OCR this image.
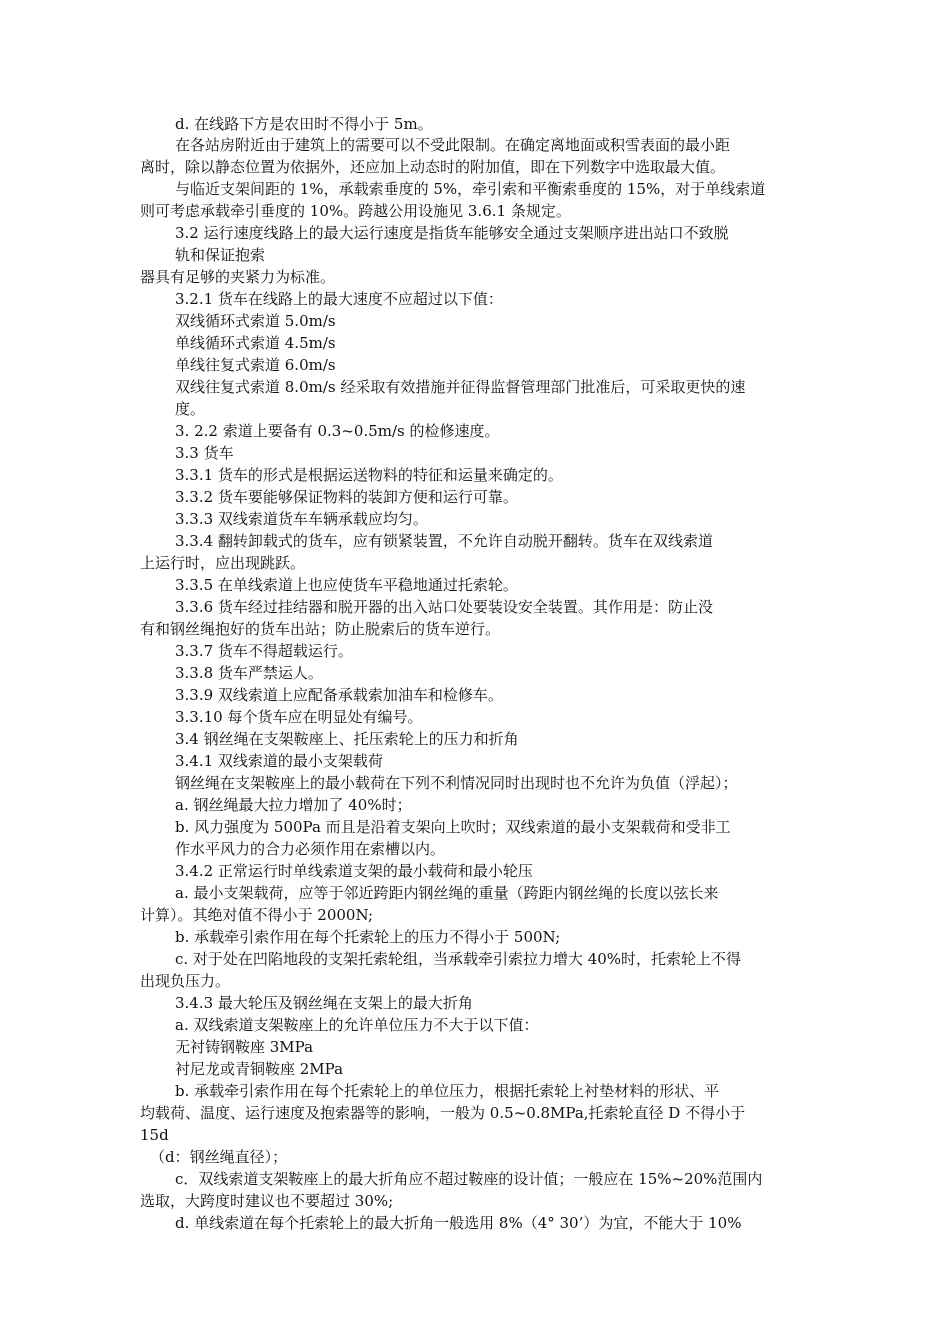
d. 在线路下方是农田时不得小于 5m。
在各站房附近由于建筑上的需要可以不受此限制。在确定离地面或积雪表面的最小距
离时，除以静态位置为依据外，还应加上动态时的附加值，即在下列数字中选取最大值。
与临近支架间距的 1%，承载索垂度的 5%，牵引索和平衡索垂度的 15%，对于单线索道
则可考虑承载牵引垂度的 10%。跨越公用设施见 3.6.1 条规定。
3.2 运行速度线路上的最大运行速度是指货车能够安全通过支架顺序进出站口不致脱
轨和保证抱索
器具有足够的夹紧力为标准。
3.2.1 货车在线路上的最大速度不应超过以下值：
双线循环式索道 5.0m/s
单线循环式索道 4.5m/s
单线往复式索道 6.0m/s
双线往复式索道 8.0m/s 经采取有效措施并征得监督管理部门批准后，可采取更快的速
度。
3. 2.2 索道上要备有 0.3~0.5m/s 的检修速度。
3.3 货车
3.3.1 货车的形式是根据运送物料的特征和运量来确定的。
3.3.2 货车要能够保证物料的装卸方便和运行可靠。
3.3.3 双线索道货车车辆承载应均匀。
3.3.4 翻转卸载式的货车，应有锁紧装置，不允许自动脱开翻转。货车在双线索道
上运行时，应出现跳跃。
3.3.5 在单线索道上也应使货车平稳地通过托索轮。
3.3.6 货车经过挂结器和脱开器的出入站口处要装设安全装置。其作用是：防止没
有和钢丝绳抱好的货车出站；防止脱索后的货车逆行。
3.3.7 货车不得超载运行。
3.3.8 货车严禁运人。
3.3.9 双线索道上应配备承载索加油车和检修车。
3.3.10 每个货车应在明显处有编号。
3.4 钢丝绳在支架鞍座上、托压索轮上的压力和折角
3.4.1 双线索道的最小支架载荷
钢丝绳在支架鞍座上的最小载荷在下列不利情况同时出现时也不允许为负值（浮起）；
a. 钢丝绳最大拉力增加了 40%时；
b. 风力强度为 500Pa 而且是沿着支架向上吹时；双线索道的最小支架载荷和受非工
作水平风力的合力必须作用在索槽以内。
3.4.2 正常运行时单线索道支架的最小载荷和最小轮压
a. 最小支架载荷，应等于邻近跨距内钢丝绳的重量（跨距内钢丝绳的长度以弦长来
计算）。其绝对值不得小于 2000N;
b. 承载牵引索作用在每个托索轮上的压力不得小于 500N;
c. 对于处在凹陷地段的支架托索轮组，当承载牵引索拉力增大 40%时，托索轮上不得
出现负压力。
3.4.3 最大轮压及钢丝绳在支架上的最大折角
a. 双线索道支架鞍座上的允许单位压力不大于以下值：
无衬铸钢鞍座 3MPa
衬尼龙或青铜鞍座 2MPa
b. 承载牵引索作用在每个托索轮上的单位压力，根据托索轮上衬垫材料的形状、平
均载荷、温度、运行速度及抱索器等的影响，一般为 0.5~0.8MPa,托索轮直径 D 不得小于
15d
（d：钢丝绳直径）；
c．双线索道支架鞍座上的最大折角应不超过鞍座的设计值；一般应在 15%~20%范围内
选取，大跨度时建议也不要超过 30%;
d. 单线索道在每个托索轮上的最大折角一般选用 8%（4° 30’）为宜，不能大于 10%
